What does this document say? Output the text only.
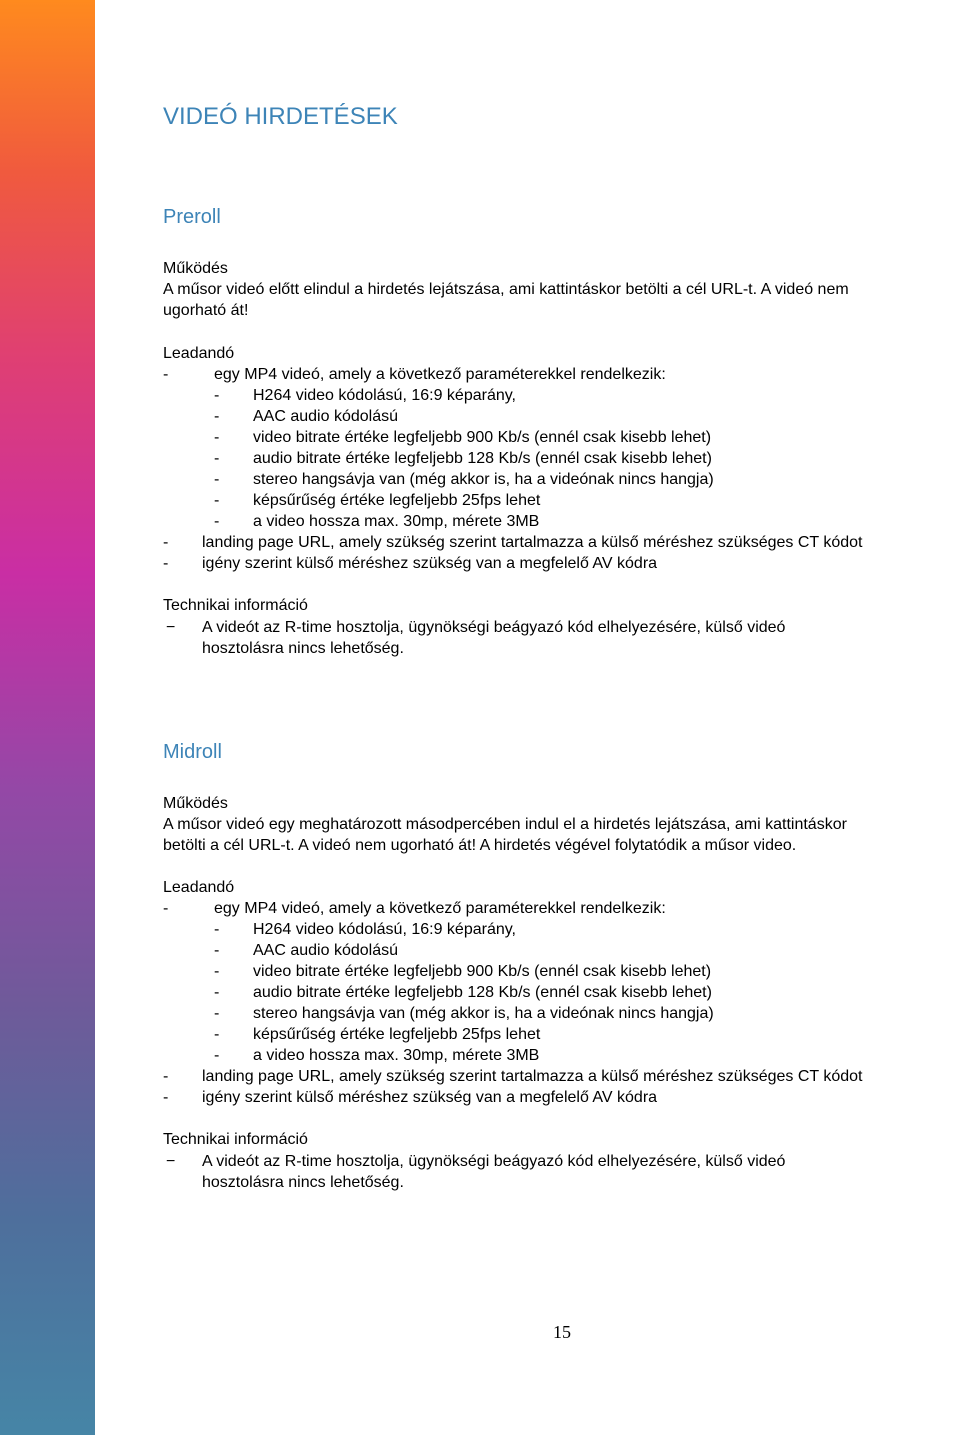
VIDEÓ HIRDETÉSEK
Preroll
Működés
A műsor videó előtt elindul a hirdetés lejátszása, ami kattintáskor betölti a cél URL-t. A videó nem
ugorható át!
Leadandó
-	egy MP4 videó, amely a következő paraméterekkel rendelkezik:
- H264 video kódolású, 16:9 képarány,
- AAC audio kódolású
- video bitrate értéke legfeljebb 900 Kb/s (ennél csak kisebb lehet)
- audio bitrate értéke legfeljebb 128 Kb/s (ennél csak kisebb lehet)
- stereo hangsávja van (még akkor is, ha a videónak nincs hangja)
- képsűrűség értéke legfeljebb 25fps lehet
- a video hossza max. 30mp, mérete 3MB
- landing page URL, amely szükség szerint tartalmazza a külső méréshez szükséges CT kódot
- igény szerint külső méréshez szükség van a megfelelő AV kódra
Technikai információ
− A videót az R-time hosztolja, ügynökségi beágyazó kód elhelyezésére, külső videó
hosztolásra nincs lehetőség.
Midroll
Működés
A műsor videó egy meghatározott másodpercében indul el a hirdetés lejátszása, ami kattintáskor
betölti a cél URL-t. A videó nem ugorható át! A hirdetés végével folytatódik a műsor video.
Leadandó
-	egy MP4 videó, amely a következő paraméterekkel rendelkezik:
- H264 video kódolású, 16:9 képarány,
- AAC audio kódolású
- video bitrate értéke legfeljebb 900 Kb/s (ennél csak kisebb lehet)
- audio bitrate értéke legfeljebb 128 Kb/s (ennél csak kisebb lehet)
- stereo hangsávja van (még akkor is, ha a videónak nincs hangja)
- képsűrűség értéke legfeljebb 25fps lehet
- a video hossza max. 30mp, mérete 3MB
- landing page URL, amely szükség szerint tartalmazza a külső méréshez szükséges CT kódot
- igény szerint külső méréshez szükség van a megfelelő AV kódra
Technikai információ
− A videót az R-time hosztolja, ügynökségi beágyazó kód elhelyezésére, külső videó
hosztolásra nincs lehetőség.

15
